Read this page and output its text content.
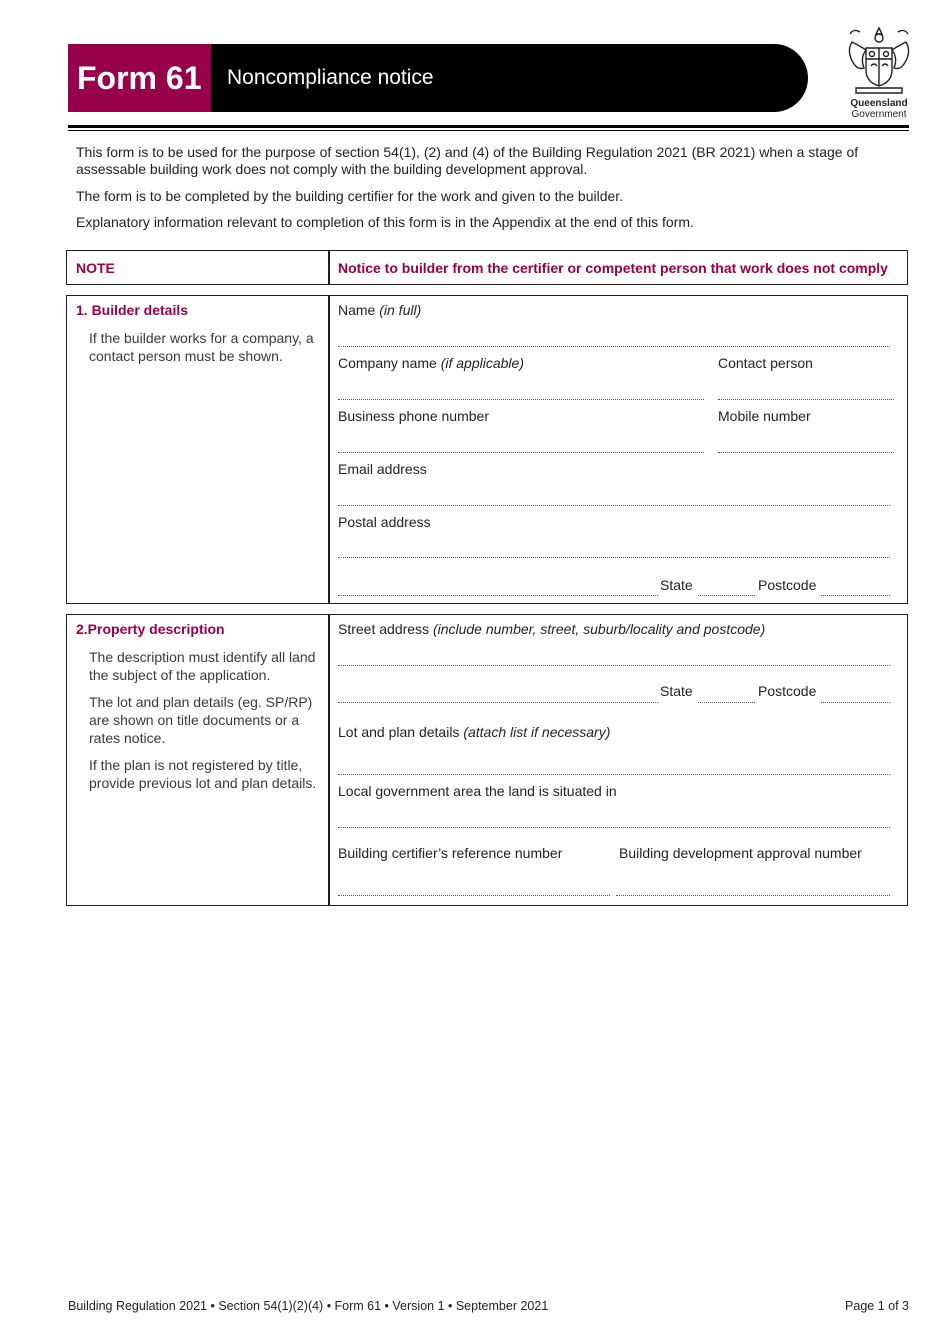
Form 61	Noncompliance notice
Queensland
Government
This form is to be used for the purpose of section 54(1), (2) and (4) of the Building Regulation 2021 (BR 2021) when a stage of assessable building work does not comply with the building development approval.
The form is to be completed by the building certifier for the work and given to the builder.
Explanatory information relevant to completion of this form is in the Appendix at the end of this form.
NOTE	Notice to builder from the certifier or competent person that work does not comply
1. Builder details
If the builder works for a company, a contact person must be shown.
Name (in full)
Company name (if applicable)	Contact person
Business phone number	Mobile number
Email address
Postal address
State	Postcode
2.Property description
The description must identify all land the subject of the application.
The lot and plan details (eg. SP/RP) are shown on title documents or a rates notice.
If the plan is not registered by title, provide previous lot and plan details.
Street address (include number, street, suburb/locality and postcode)
State	Postcode
Lot and plan details (attach list if necessary)
Local government area the land is situated in
Building certifier’s reference number	Building development approval number
Building Regulation 2021 • Section 54(1)(2)(4) • Form 61 • Version 1 • September 2021	Page 1 of 3
